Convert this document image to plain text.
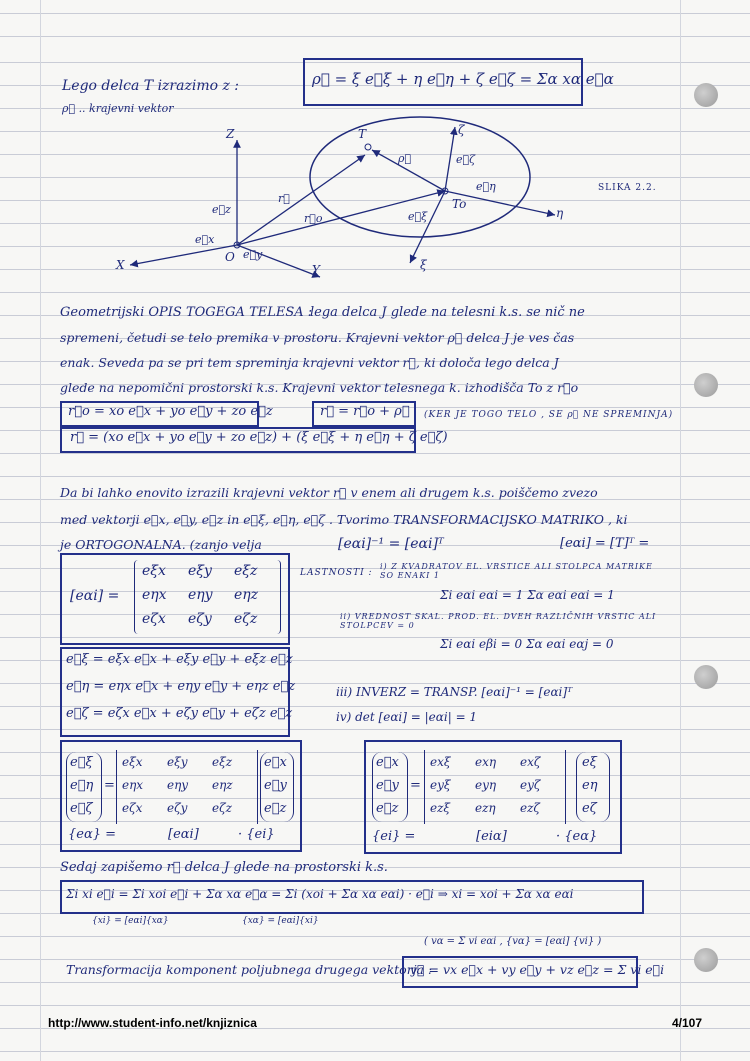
Lego delca T izrazimo z :
ρ⃗ .. krajevni vektor
ρ⃗ = ξ e⃗ξ + η e⃗η + ζ e⃗ζ = Σα xα e⃗α
T
ρ⃗
r⃗
r⃗o
To
η
ζ
ξ
Z
X	Y
O
e⃗z
e⃗x
e⃗y
e⃗ζ
e⃗η
e⃗ξ
SLIKA 2.2.
Geometrijski OPIS TOGEGA TELESA :
lega delca J glede na telesni k.s. se nič ne
spremeni, četudi se telo premika v prostoru. Krajevni vektor ρ⃗ delca J je ves čas
enak. Seveda pa se pri tem spreminja krajevni vektor r⃗, ki določa lego delca J
glede na nepomični prostorski k.s. Krajevni vektor telesnega k. izhodišča To z r⃗o
r⃗o = xo e⃗x + yo e⃗y + zo e⃗z	r⃗ = r⃗o + ρ⃗ (KER JE TOGO TELO , SE ρ⃗ NE SPREMINJA)
r⃗ = (xo e⃗x + yo e⃗y + zo e⃗z) + (ξ e⃗ξ + η e⃗η + ζ e⃗ζ)
Da bi lahko enovito izrazili krajevni vektor r⃗ v enem ali drugem k.s. poiščemo zvezo
med vektorji e⃗x, e⃗y, e⃗z in e⃗ξ, e⃗η, e⃗ζ . Tvorimo TRANSFORMACIJSKO MATRIKO , ki
je ORTOGONALNA. (zanjo velja	[eαi]⁻¹ = [eαi]ᵀ	[eαi] = [T]ᵀ =
[eαi] =
eξx eξy eξz
eηx eηy eηz
eζx eζy eζz
LASTNOSTI :
i) Z KVADRATOV EL. VRSTICE ALI STOLPCA MATRIKE SO ENAKI 1
Σi eαi eαi = 1 Σα eαi eαi = 1
ii) VREDNOST SKAL. PROD. EL. DVEH RAZLIČNIH VRSTIC ALI STOLPCEV = 0
Σi eαi eβi = 0 Σα eαi eαj = 0
iii) INVERZ = TRANSP. [eαi]⁻¹ = [eαi]ᵀ
iv) det [eαi] = |eαi| = 1
e⃗ξ = eξx e⃗x + eξy e⃗y + eξz e⃗z
e⃗η = eηx e⃗x + eηy e⃗y + eηz e⃗z
e⃗ζ = eζx e⃗x + eζy e⃗y + eζz e⃗z
e⃗ξ
e⃗η
e⃗ζ
=
eξx eξy eξz
eηx eηy eηz
eζx eζy eζz
e⃗x
e⃗y
e⃗z
{eα} =	[eαi]	· {ei}
e⃗x
e⃗y
e⃗z
=
exξ exη exζ
eyξ eyη eyζ
ezξ ezη ezζ
eξ
eη
eζ
{ei} =	[eiα]	· {eα}
Sedaj zapišemo r⃗ delca J glede na prostorski k.s.
Σi xi e⃗i = Σi xoi e⃗i + Σα xα e⃗α = Σi (xoi + Σα xα eαi) · e⃗i ⇒ xi = xoi + Σα xα eαi
{xi} = [eαi]{xα}	{xα} = [eαi]{xi}
( vα = Σ vi eαi , {vα} = [eαi] {vi} )
Transformacija komponent poljubnega drugega vektorja :
v⃗ = vx e⃗x + vy e⃗y + vz e⃗z = Σ vi e⃗i
http://www.student-info.net/knjiznica	4/107
